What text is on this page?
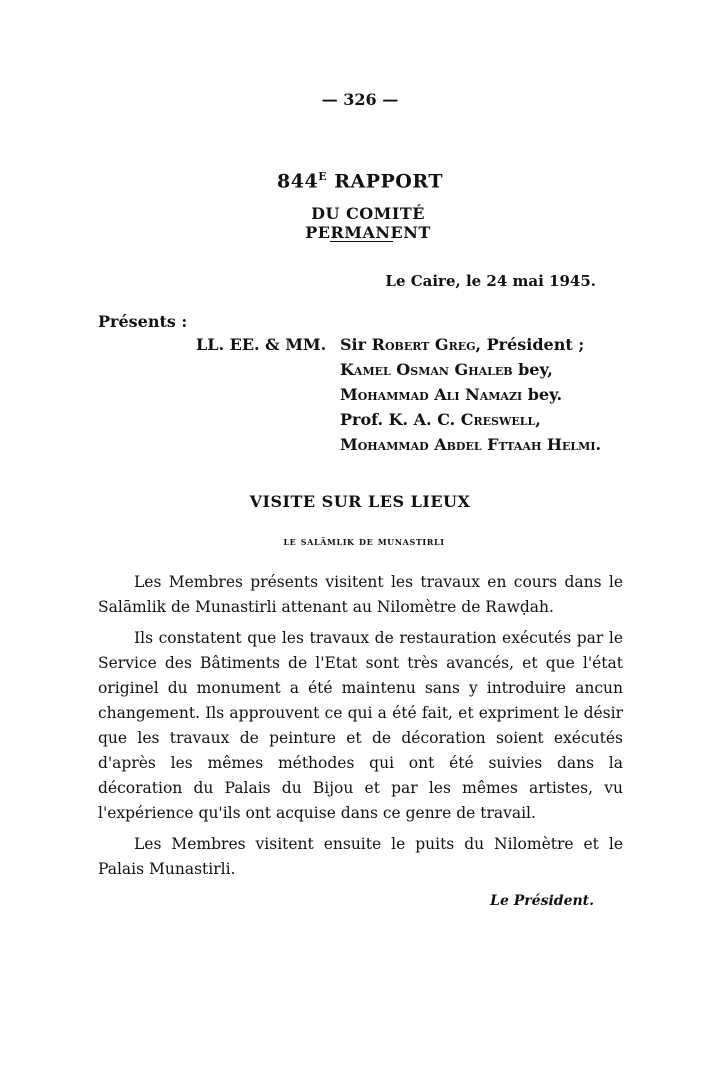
— 326 —
$844^E$ RAPPORT
DU COMITÉ PERMANENT
Le Caire, le 24 mai 1945.
Présents :
LL. EE. & MM. Sir Robert Greg, Président ;
Kamel Osman Ghaleb bey,
Mohammad Ali Namazi bey.
Prof. K. A. C. Creswell,
Mohammad Abdel Fttaah Helmi.
VISITE SUR LES LIEUX
le salāmlik de munastirli

Les Membres présents visitent les travaux en cours dans le Salāmlik de Munastirli attenant au Nilomètre de Rawḍah.

Ils constatent que les travaux de restauration exécutés par le Service des Bâtiments de l'Etat sont très avancés, et que l'état originel du monument a été maintenu sans y introduire ancun changement. Ils approuvent ce qui a été fait, et expriment le désir que les travaux de peinture et de décoration soient exécutés d'après les mêmes méthodes qui ont été suivies dans la décoration du Palais du Bijou et par les mêmes artistes, vu l'expérience qu'ils ont acquise dans ce genre de travail.

Les Membres visitent ensuite le puits du Nilomètre et le Palais Munastirli.

Le Président.
